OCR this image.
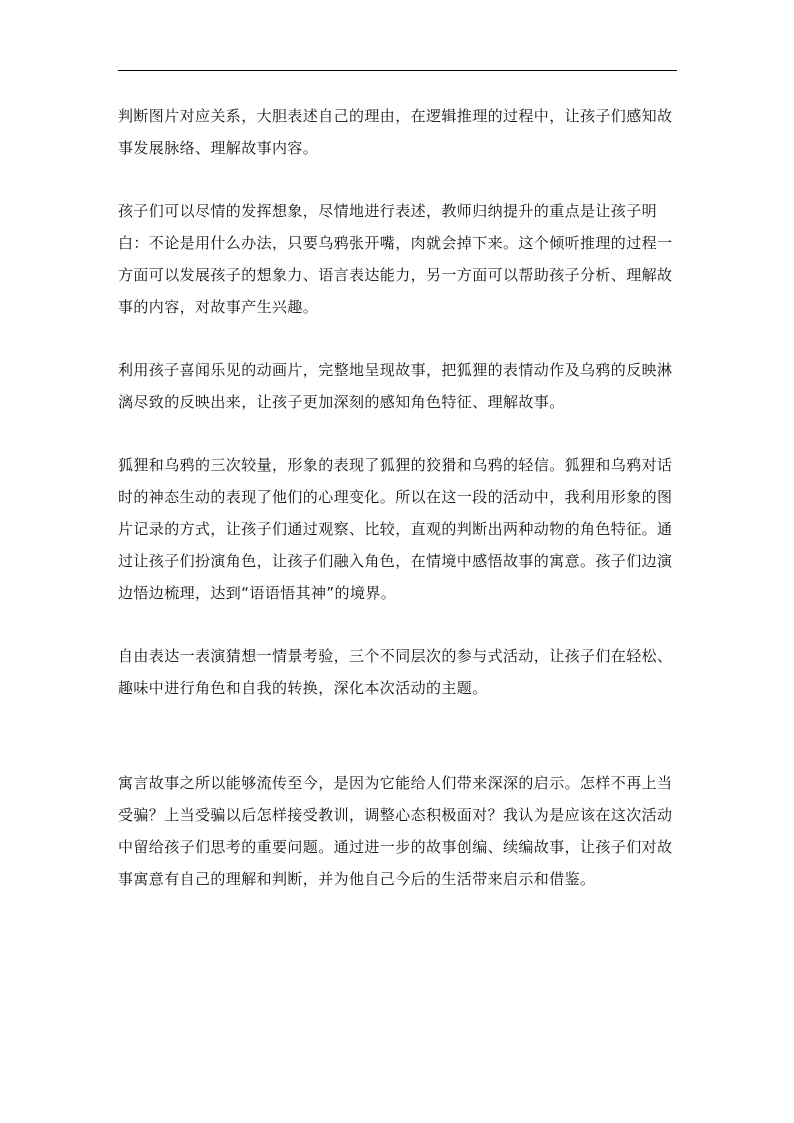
判断图片对应关系，大胆表述自己的理由，在逻辑推理的过程中，让孩子们感知故事发展脉络、理解故事内容。

孩子们可以尽情的发挥想象，尽情地进行表述，教师归纳提升的重点是让孩子明白：不论是用什么办法，只要乌鸦张开嘴，肉就会掉下来。这个倾听推理的过程一方面可以发展孩子的想象力、语言表达能力，另一方面可以帮助孩子分析、理解故事的内容，对故事产生兴趣。

利用孩子喜闻乐见的动画片，完整地呈现故事，把狐狸的表情动作及乌鸦的反映淋漓尽致的反映出来，让孩子更加深刻的感知角色特征、理解故事。

狐狸和乌鸦的三次较量，形象的表现了狐狸的狡猾和乌鸦的轻信。狐狸和乌鸦对话时的神态生动的表现了他们的心理变化。所以在这一段的活动中，我利用形象的图片记录的方式，让孩子们通过观察、比较，直观的判断出两种动物的角色特征。通过让孩子们扮演角色，让孩子们融入角色，在情境中感悟故事的寓意。孩子们边演边悟边梳理，达到“语语悟其神”的境界。

自由表达一表演猜想一情景考验，三个不同层次的参与式活动，让孩子们在轻松、趣味中进行角色和自我的转换，深化本次活动的主题。

寓言故事之所以能够流传至今，是因为它能给人们带来深深的启示。怎样不再上当受骗？上当受骗以后怎样接受教训，调整心态积极面对？我认为是应该在这次活动中留给孩子们思考的重要问题。通过进一步的故事创编、续编故事，让孩子们对故事寓意有自己的理解和判断，并为他自己今后的生活带来启示和借鉴。
